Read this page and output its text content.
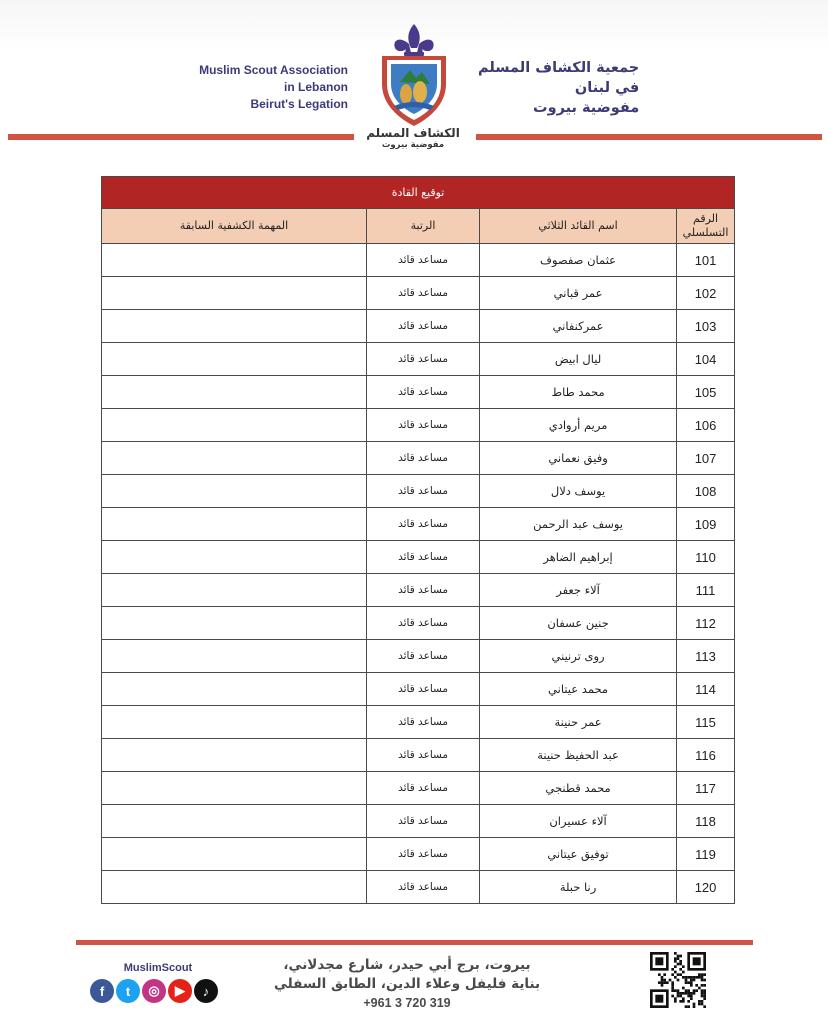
Muslim Scout Association
in Lebanon
Beirut's Legation
جمعية الكشاف المسلم
في لبنان
مفوضية بيروت
الكشاف المسلم
مفوضية بيروت
توقيع القادة			
الرقم التسلسلي	اسم القائد الثلاثي	الرتبة	المهمة الكشفية السابقة
101	عثمان صفصوف	مساعد قائد	
102	عمر قباني	مساعد قائد	
103	عمركنفاني	مساعد قائد	
104	ليال ابيض	مساعد قائد	
105	محمد طاط	مساعد قائد	
106	مريم أروادي	مساعد قائد	
107	وفيق نعماني	مساعد قائد	
108	يوسف دلال	مساعد قائد	
109	يوسف عبد الرحمن	مساعد قائد	
110	إبراهيم الضاهر	مساعد قائد	
111	آلاء جعفر	مساعد قائد	
112	جنين عسفان	مساعد قائد	
113	روى ترنيني	مساعد قائد	
114	محمد عيتاني	مساعد قائد	
115	عمر حنينة	مساعد قائد	
116	عبد الحفيظ حنينة	مساعد قائد	
117	محمد قطنجي	مساعد قائد	
118	آلاء عسيران	مساعد قائد	
119	توفيق عيتاني	مساعد قائد	
120	رنا حبلة	مساعد قائد	
بيروت، برج أبي حيدر، شارع مجدلاني،
بناية فليفل وعلاء الدين، الطابق السفلي
+961 3 720 319
MuslimScout
f	t	◎	▶	♪
